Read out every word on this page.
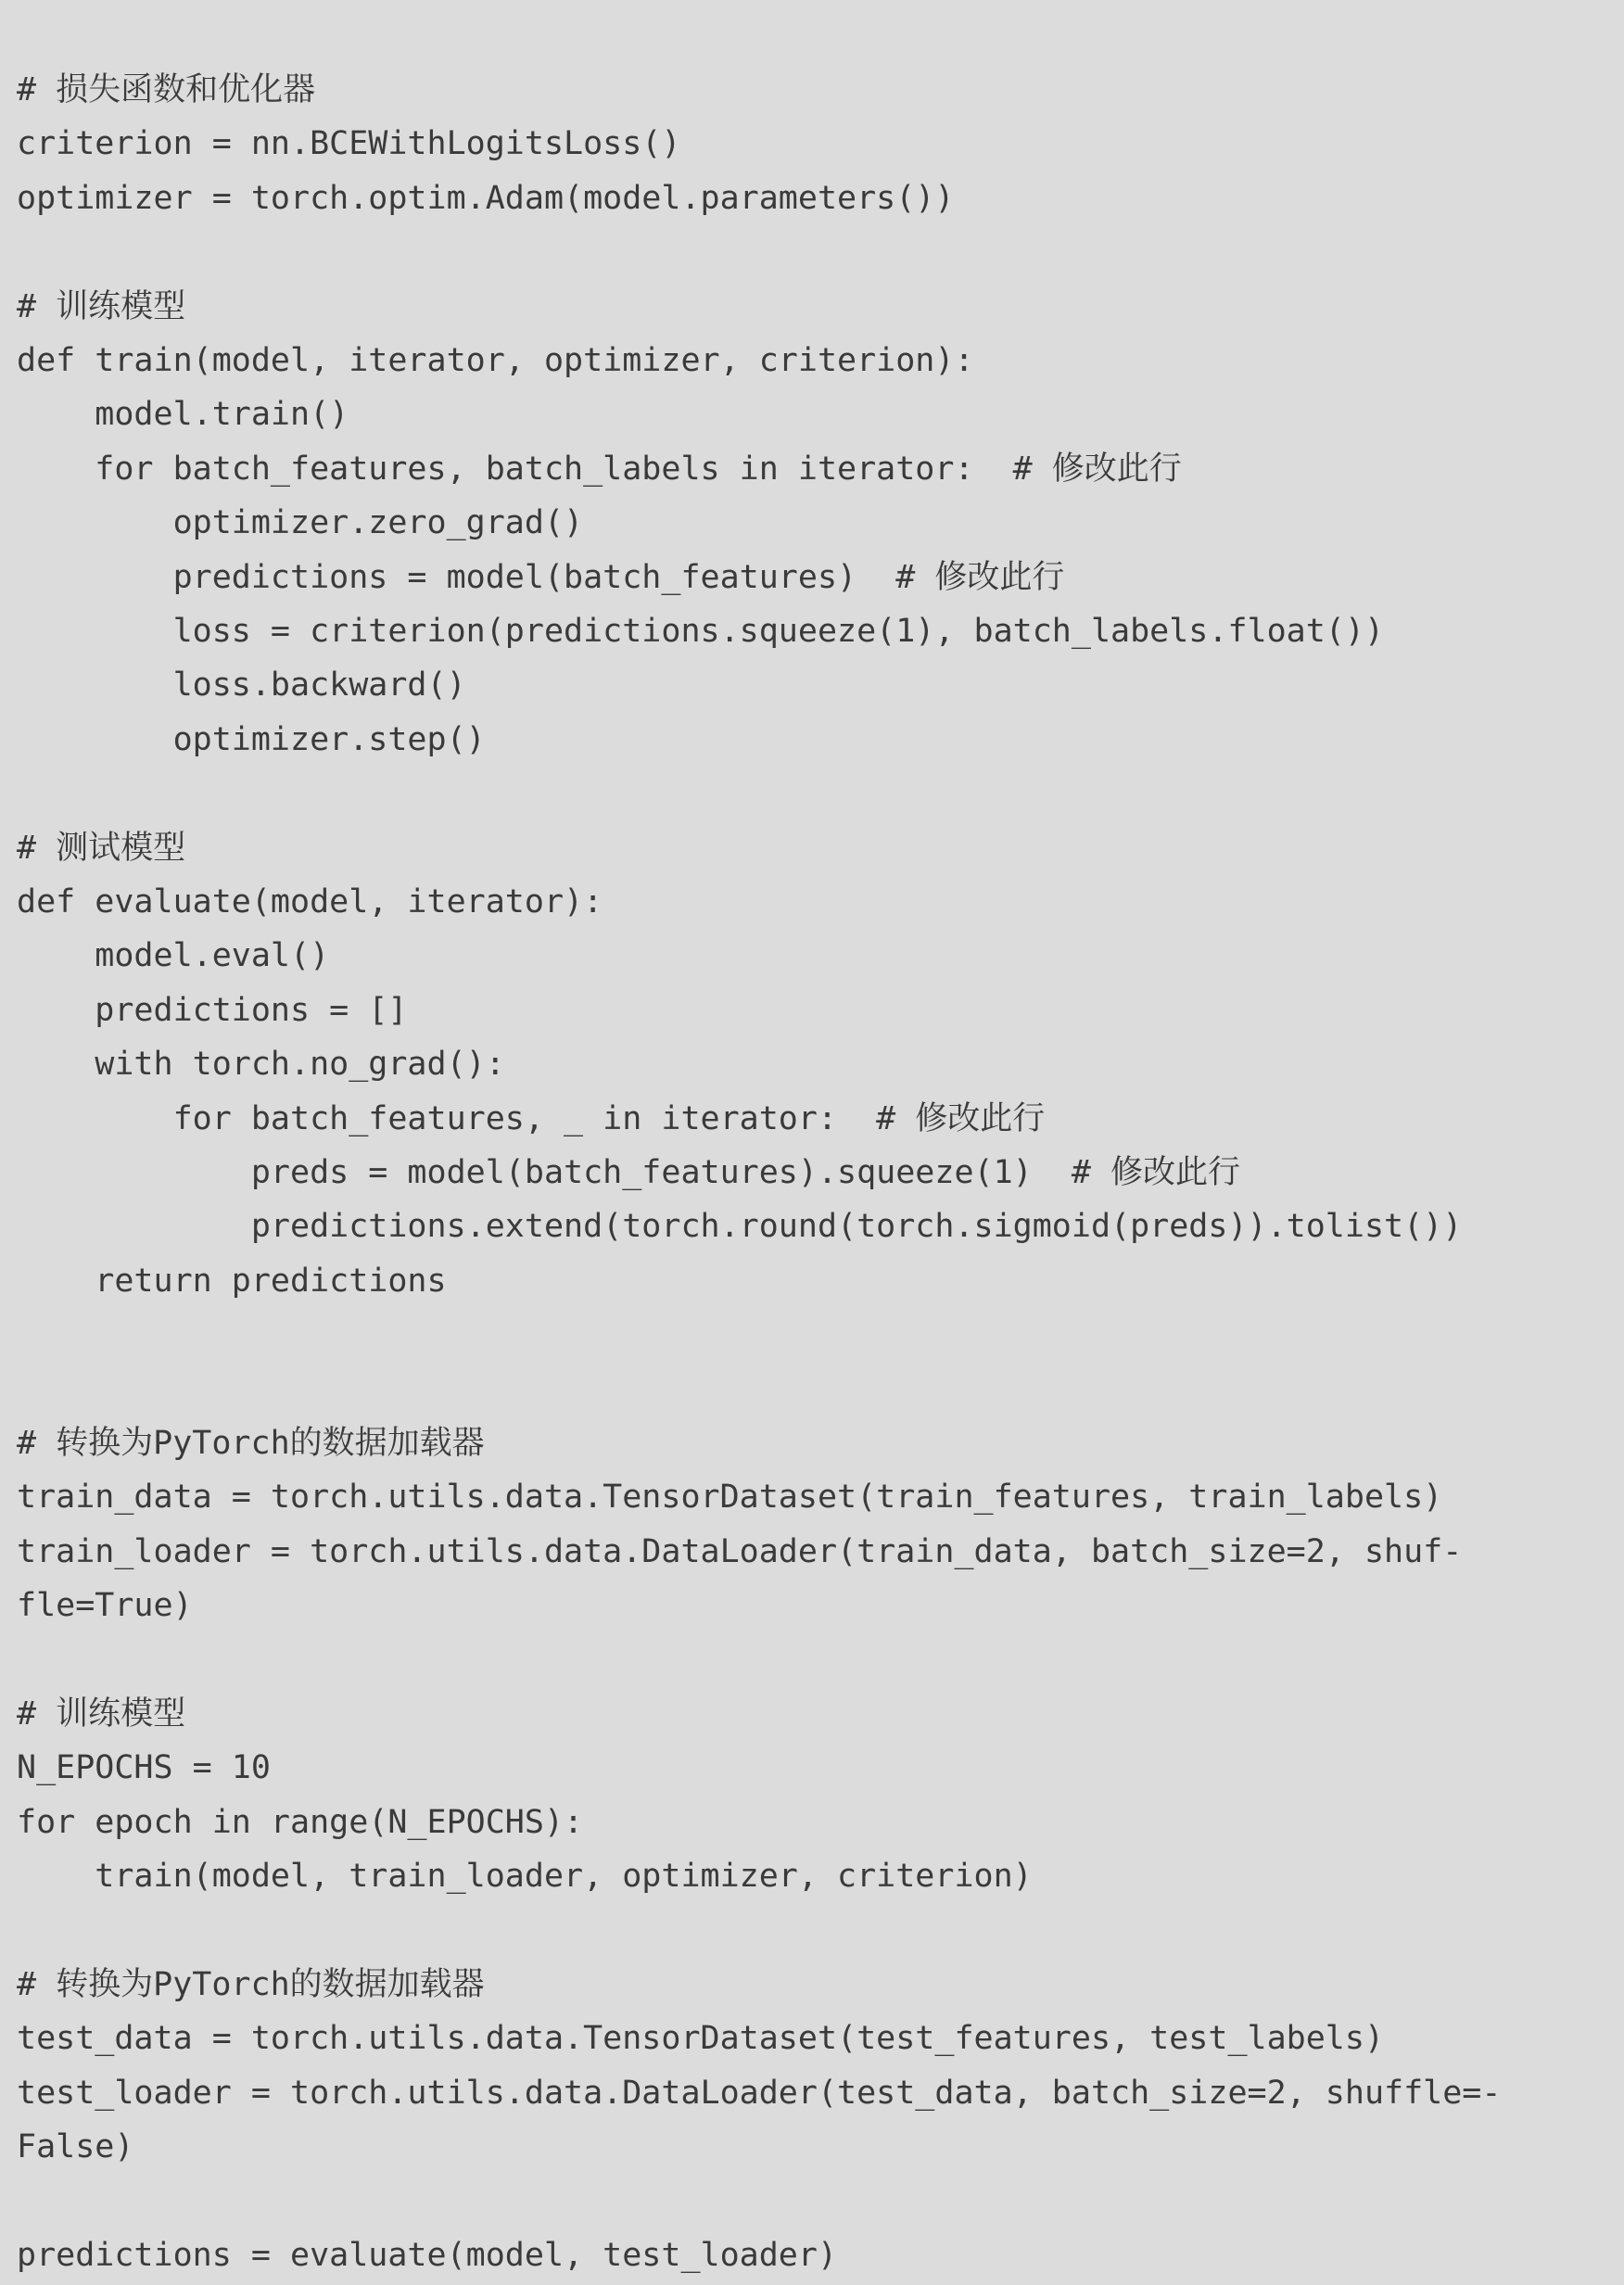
# 损失函数和优化器
criterion = nn.BCEWithLogitsLoss()
optimizer = torch.optim.Adam(model.parameters())
# 训练模型
def train(model, iterator, optimizer, criterion):
model.train()
for batch_features, batch_labels in iterator:  # 修改此行
optimizer.zero_grad()
predictions = model(batch_features)  # 修改此行
loss = criterion(predictions.squeeze(1), batch_labels.float())
loss.backward()
optimizer.step()
# 测试模型
def evaluate(model, iterator):
model.eval()
predictions = []
with torch.no_grad():
for batch_features, _ in iterator:  # 修改此行
preds = model(batch_features).squeeze(1)  # 修改此行
predictions.extend(torch.round(torch.sigmoid(preds)).tolist())
return predictions
# 转换为PyTorch的数据加载器
train_data = torch.utils.data.TensorDataset(train_features, train_labels)
train_loader = torch.utils.data.DataLoader(train_data, batch_size=2, shuf-
fle=True)
# 训练模型
N_EPOCHS = 10
for epoch in range(N_EPOCHS):
train(model, train_loader, optimizer, criterion)
# 转换为PyTorch的数据加载器
test_data = torch.utils.data.TensorDataset(test_features, test_labels)
test_loader = torch.utils.data.DataLoader(test_data, batch_size=2, shuffle=-
False)
predictions = evaluate(model, test_loader)
